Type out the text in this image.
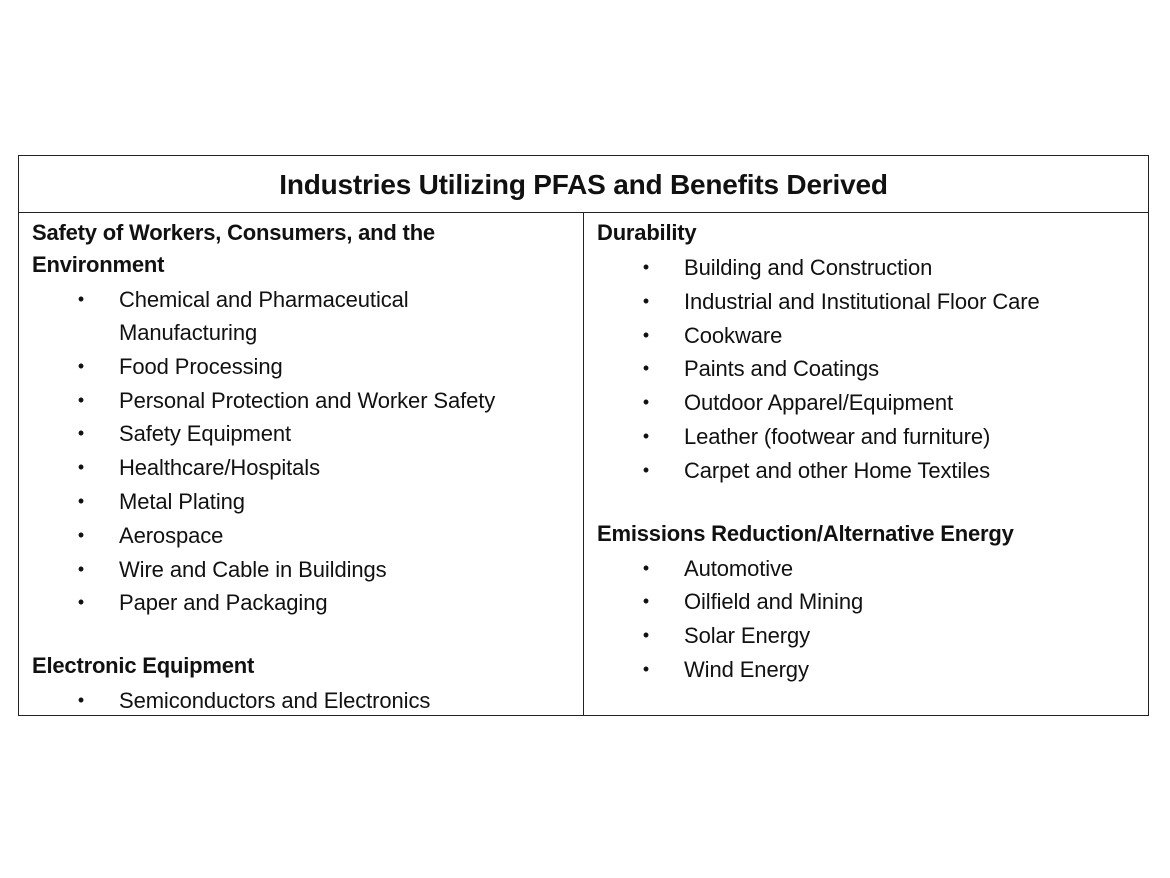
Industries Utilizing PFAS and Benefits Derived
Safety of Workers, Consumers, and the
Environment
• Chemical and Pharmaceutical
Manufacturing
• Food Processing
• Personal Protection and Worker Safety
• Safety Equipment
• Healthcare/Hospitals
• Metal Plating
• Aerospace
• Wire and Cable in Buildings
• Paper and Packaging
Electronic Equipment
• Semiconductors and Electronics
Durability
• Building and Construction
• Industrial and Institutional Floor Care
• Cookware
• Paints and Coatings
• Outdoor Apparel/Equipment
• Leather (footwear and furniture)
• Carpet and other Home Textiles
Emissions Reduction/Alternative Energy
• Automotive
• Oilfield and Mining
• Solar Energy
• Wind Energy
